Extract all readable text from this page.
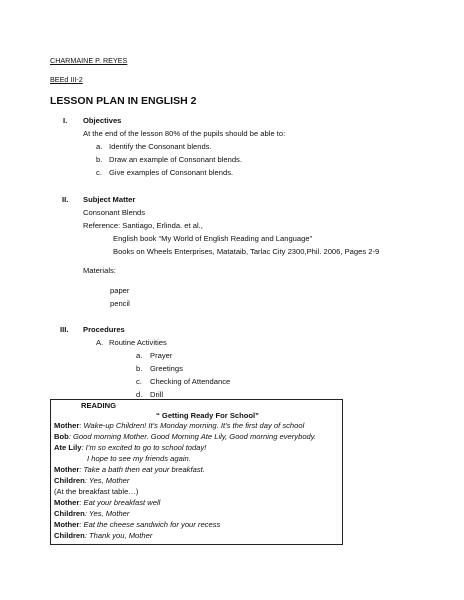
CHARMAINE P. REYES
BEEd III-2
LESSON PLAN IN ENGLISH 2
I. Objectives
At the end of the lesson 80% of the pupils should be able to:
a. Identify the Consonant blends.
b. Draw an example of Consonant blends.
c. Give examples of Consonant blends.
II. Subject Matter
Consonant Blends
Reference: Santiago, Erlinda. et al.,
English book “My World of English Reading and Language”
Books on Wheels Enterprises, Matataib, Tarlac City 2300,Phil. 2006, Pages 2-9
Materials:
paper
pencil
III. Procedures
A. Routine Activities
a. Prayer
b. Greetings
c. Checking of Attendance
d. Drill
READING
“ Getting Ready For School”
Mother: Wake-up Children! It’s Monday morning. It’s the first day of school
Bob: Good morning Mother. Good Morning Ate Lily, Good morning everybody.
Ate Lily: I’m so excited to go to school today!
I hope to see my friends again.
Mother: Take a bath then eat your breakfast.
Children: Yes, Mother
(At the breakfast table…)
Mother: Eat your breakfast well
Children: Yes, Mother
Mother: Eat the cheese sandwich for your recess
Children: Thank you, Mother
